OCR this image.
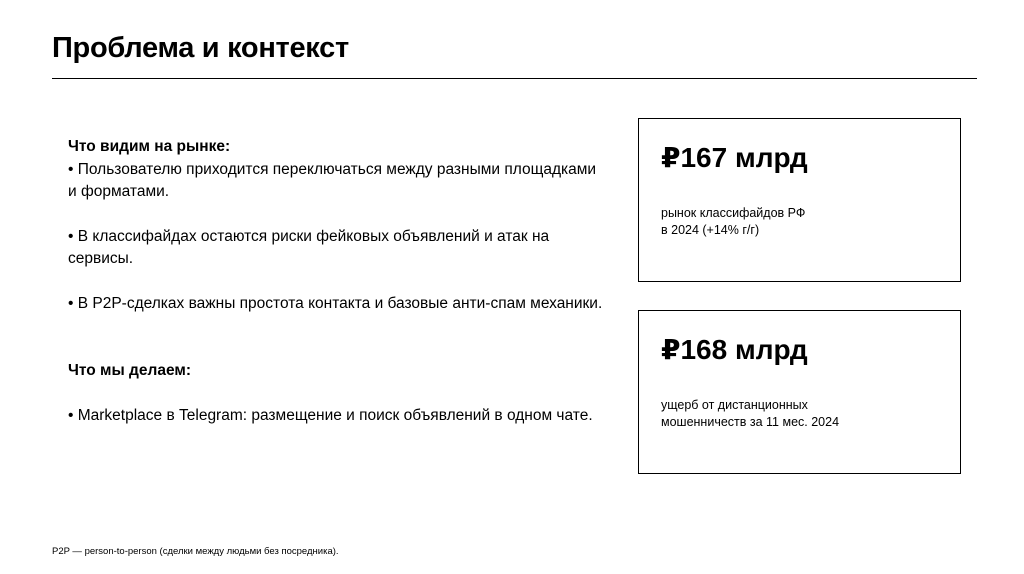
Проблема и контекст

Что видим на рынке:

• Пользователю приходится переключаться между разными площадками и форматами.

• В классифайдах остаются риски фейковых объявлений и атак на сервисы.

• В P2P-сделках важны простота контакта и базовые анти-спам механики.

Что мы делаем:

• Marketplace в Telegram: размещение и поиск объявлений в одном чате.

₽167 млрд
рынок классифайдов РФ
в 2024 (+14% г/г)
₽168 млрд
ущерб от дистанционных
мошенничеств за 11 мес. 2024
P2P — person-to-person (сделки между людьми без посредника).
